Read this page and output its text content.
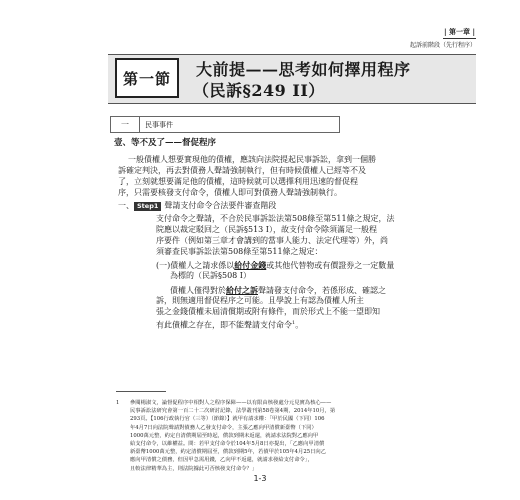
| 第一章 |
起訴前階段（先行程序）
第一節	大前提——思考如何擇用程序
（民訴§249 II）
一	民事事件
壹、等不及了——督促程序
一般債權人想要實現他的債權，應該向法院提起民事訴訟，拿到一個勝
訴確定判決，再去對債務人聲請強制執行，但有時候債權人已經等不及
了，立刻就想要滿足他的債權，這時候就可以選擇利用迅速的督促程
序，只需要核發支付命令，債權人即可對債務人聲請強制執行。
一、 Step1 聲請支付命令合法要件審查階段
支付命令之聲請，不合於民事訴訟法第508條至第511條之規定，法
院應以裁定駁回之（民訴§513 I），故支付命令除須滿足一般程
序要件（例如第三章才會講到的當事人能力、法定代理等）外，尚
須審查民事訴訟法第508條至第511條之規定：
(一)債權人之請求係以給付金錢或其他代替物或有價證券之一定數量
為標的（民訴§508 I）
債權人僅得對於給付之訴聲請發支付命令，若係形成、確認之
訴，則無適用督促程序之可能。且學說上有認為債權人所主
張之金錢債權未屆清償期或附有條件，而於形式上不能一望即知
有此債權之存在，即不能聲請支付命令$^1$。
1	參閱楊淑文，論督促程序中相對人之程序保障——以有限由核發處分元見實為核心——
民事訴訟法研究會第一百二十二次研討記錄，法學叢刊第58卷第4期，2014年10月，第
293頁。【106行政執行官（三等）（節錄）】就甲有請求權：「甲於民國（下同）106
年4月7日向法院聲請對債務人乙發支付命令，主張乙應向甲清償新臺幣（下同）
1000萬元整，約定自清償期屆至時起，償款到期未返還，就請求法院對乙應向甲
給支付命令，以維權益。問：若甲支付命令於104年5月8日亦提出，「乙應向甲清償
新臺幣1000萬元整，約定清償期屆至，償款到期5年，若債甲於105年4月25日向乙
應向甲清償之債務，但因甲急需用錢，乙向甲不返還，就請求發給支付命令」，
且較法律精華為主，則法院據此可否核發支付命令？」
1-3
